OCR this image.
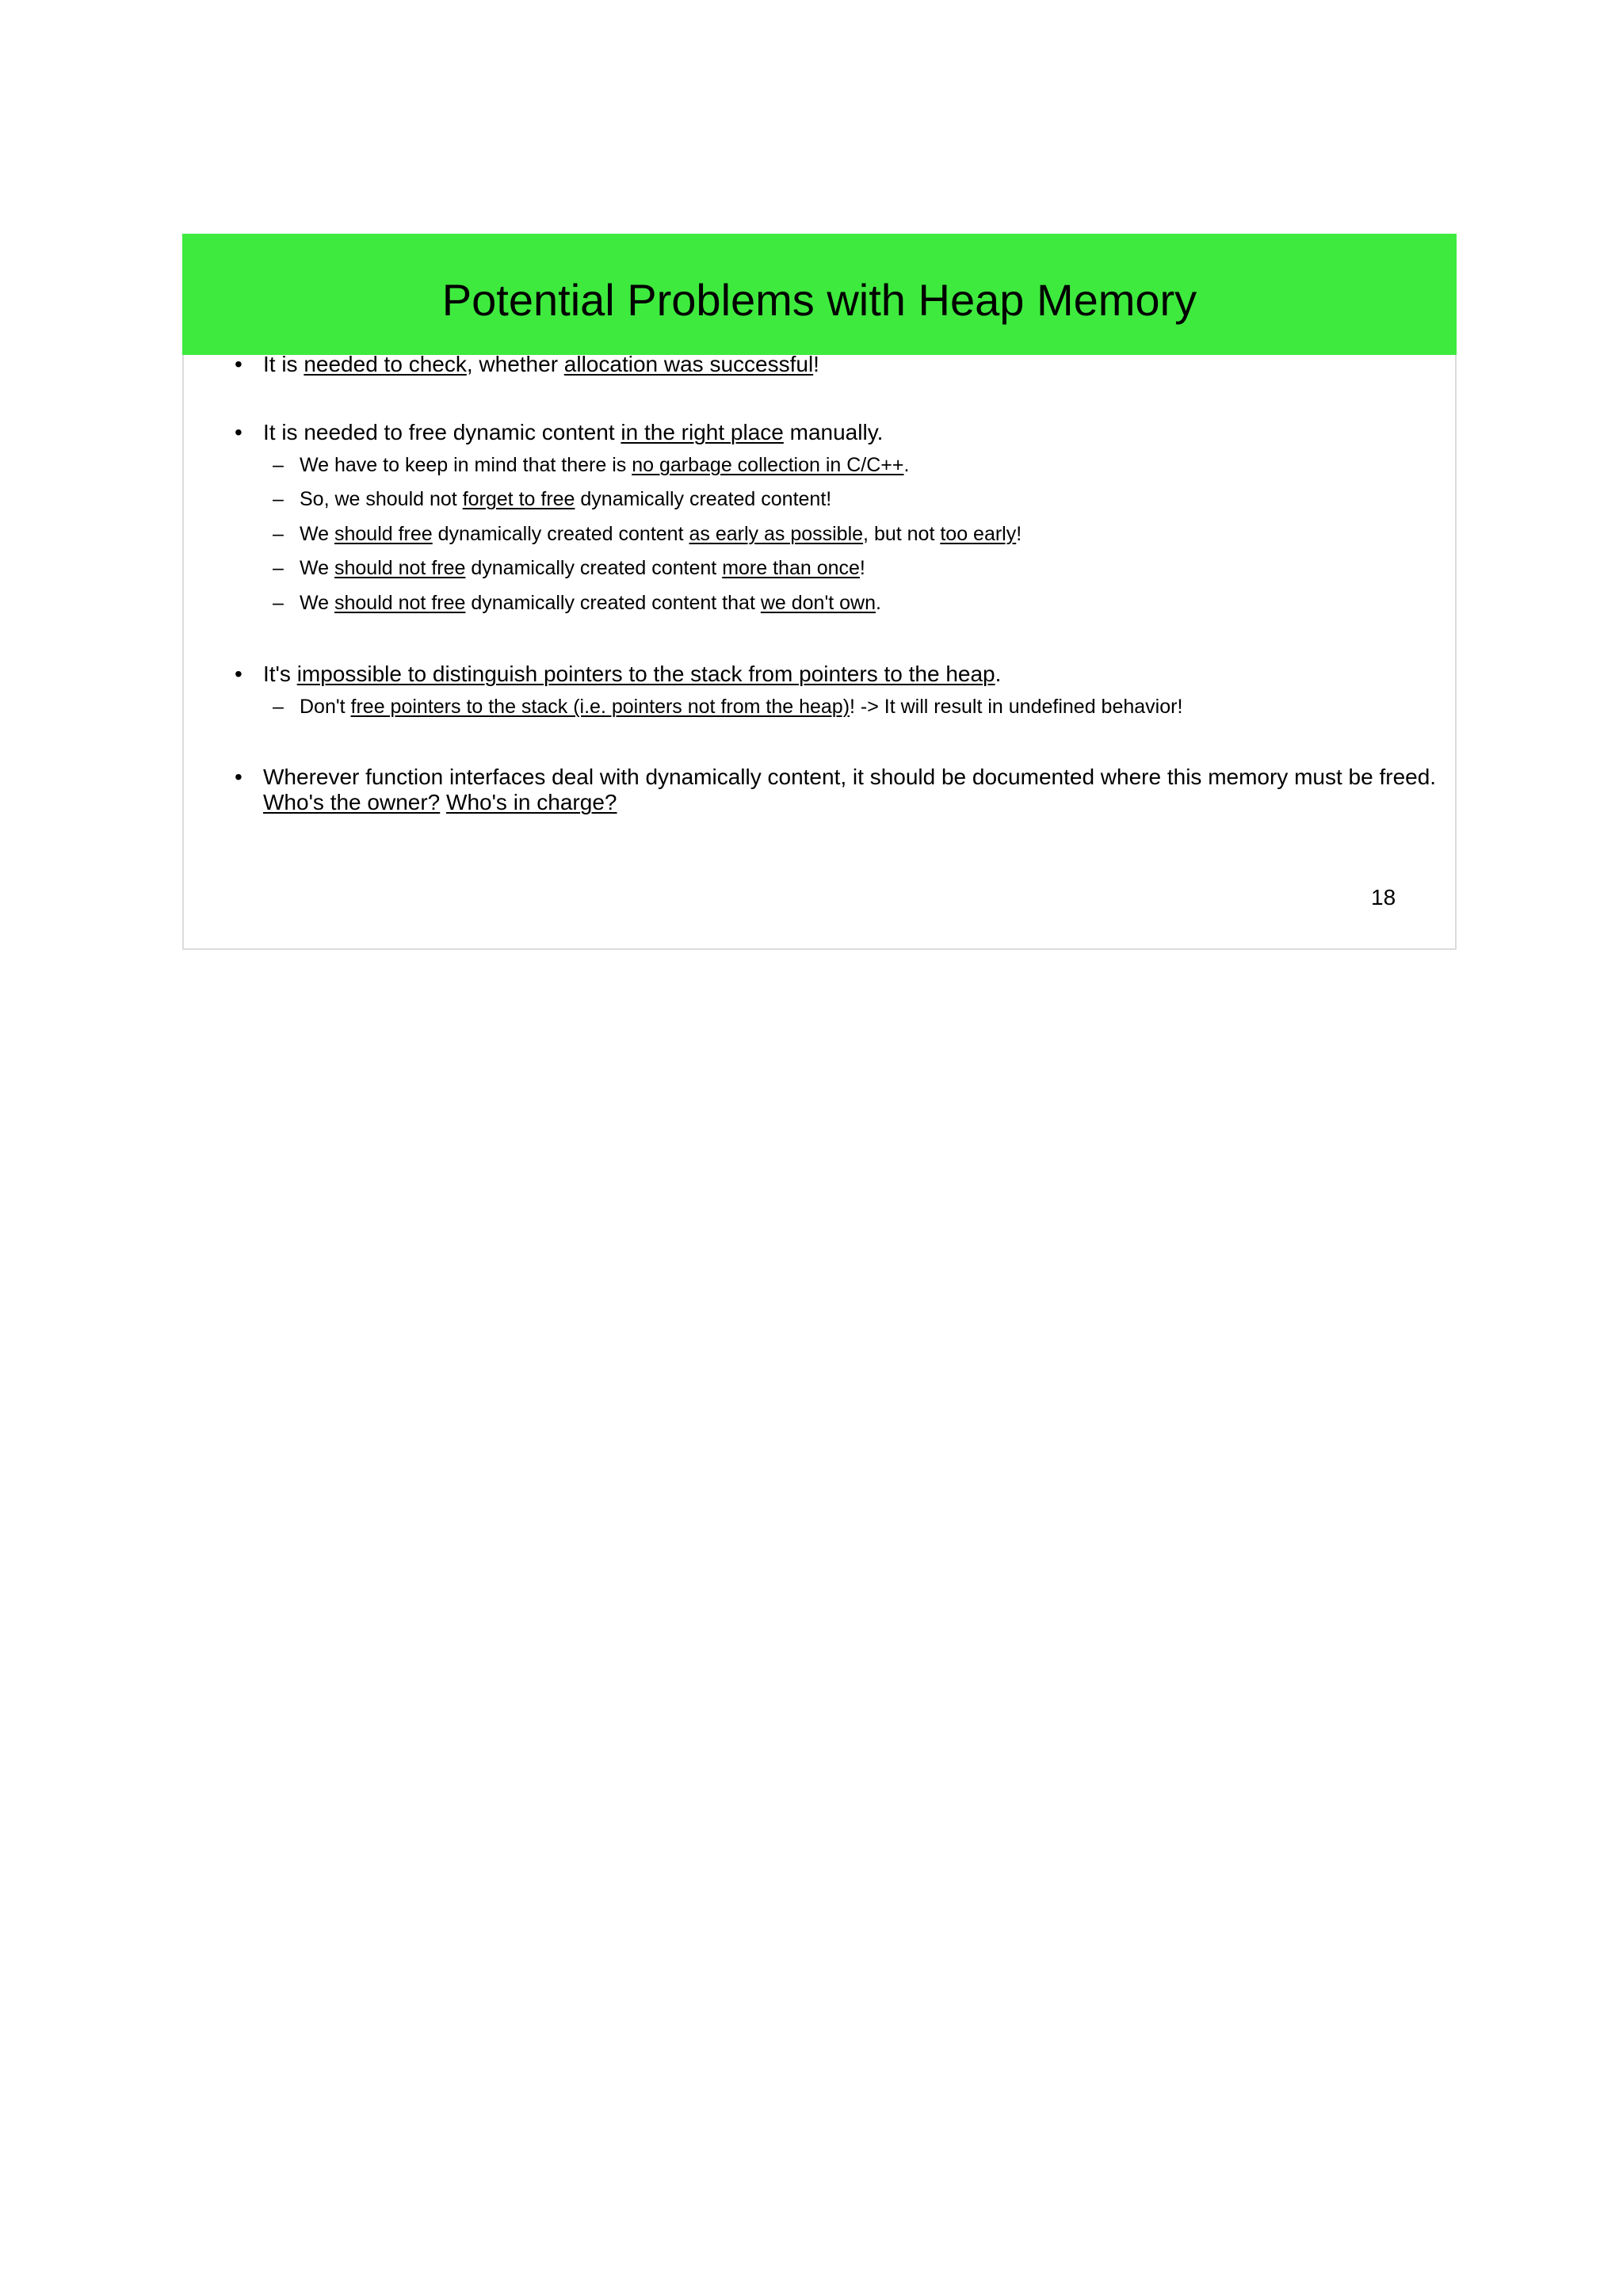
Potential Problems with Heap Memory
• It is needed to check, whether allocation was successful!
• It is needed to free dynamic content in the right place manually.
– We have to keep in mind that there is no garbage collection in C/C++.
– So, we should not forget to free dynamically created content!
– We should free dynamically created content as early as possible, but not too early!
– We should not free dynamically created content more than once!
– We should not free dynamically created content that we don't own.
• It's impossible to distinguish pointers to the stack from pointers to the heap.
– Don't free pointers to the stack (i.e. pointers not from the heap)! -> It will result in undefined behavior!
• Wherever function interfaces deal with dynamically content, it should be documented where this memory must be freed.
Who's the owner? Who's in charge?
18
